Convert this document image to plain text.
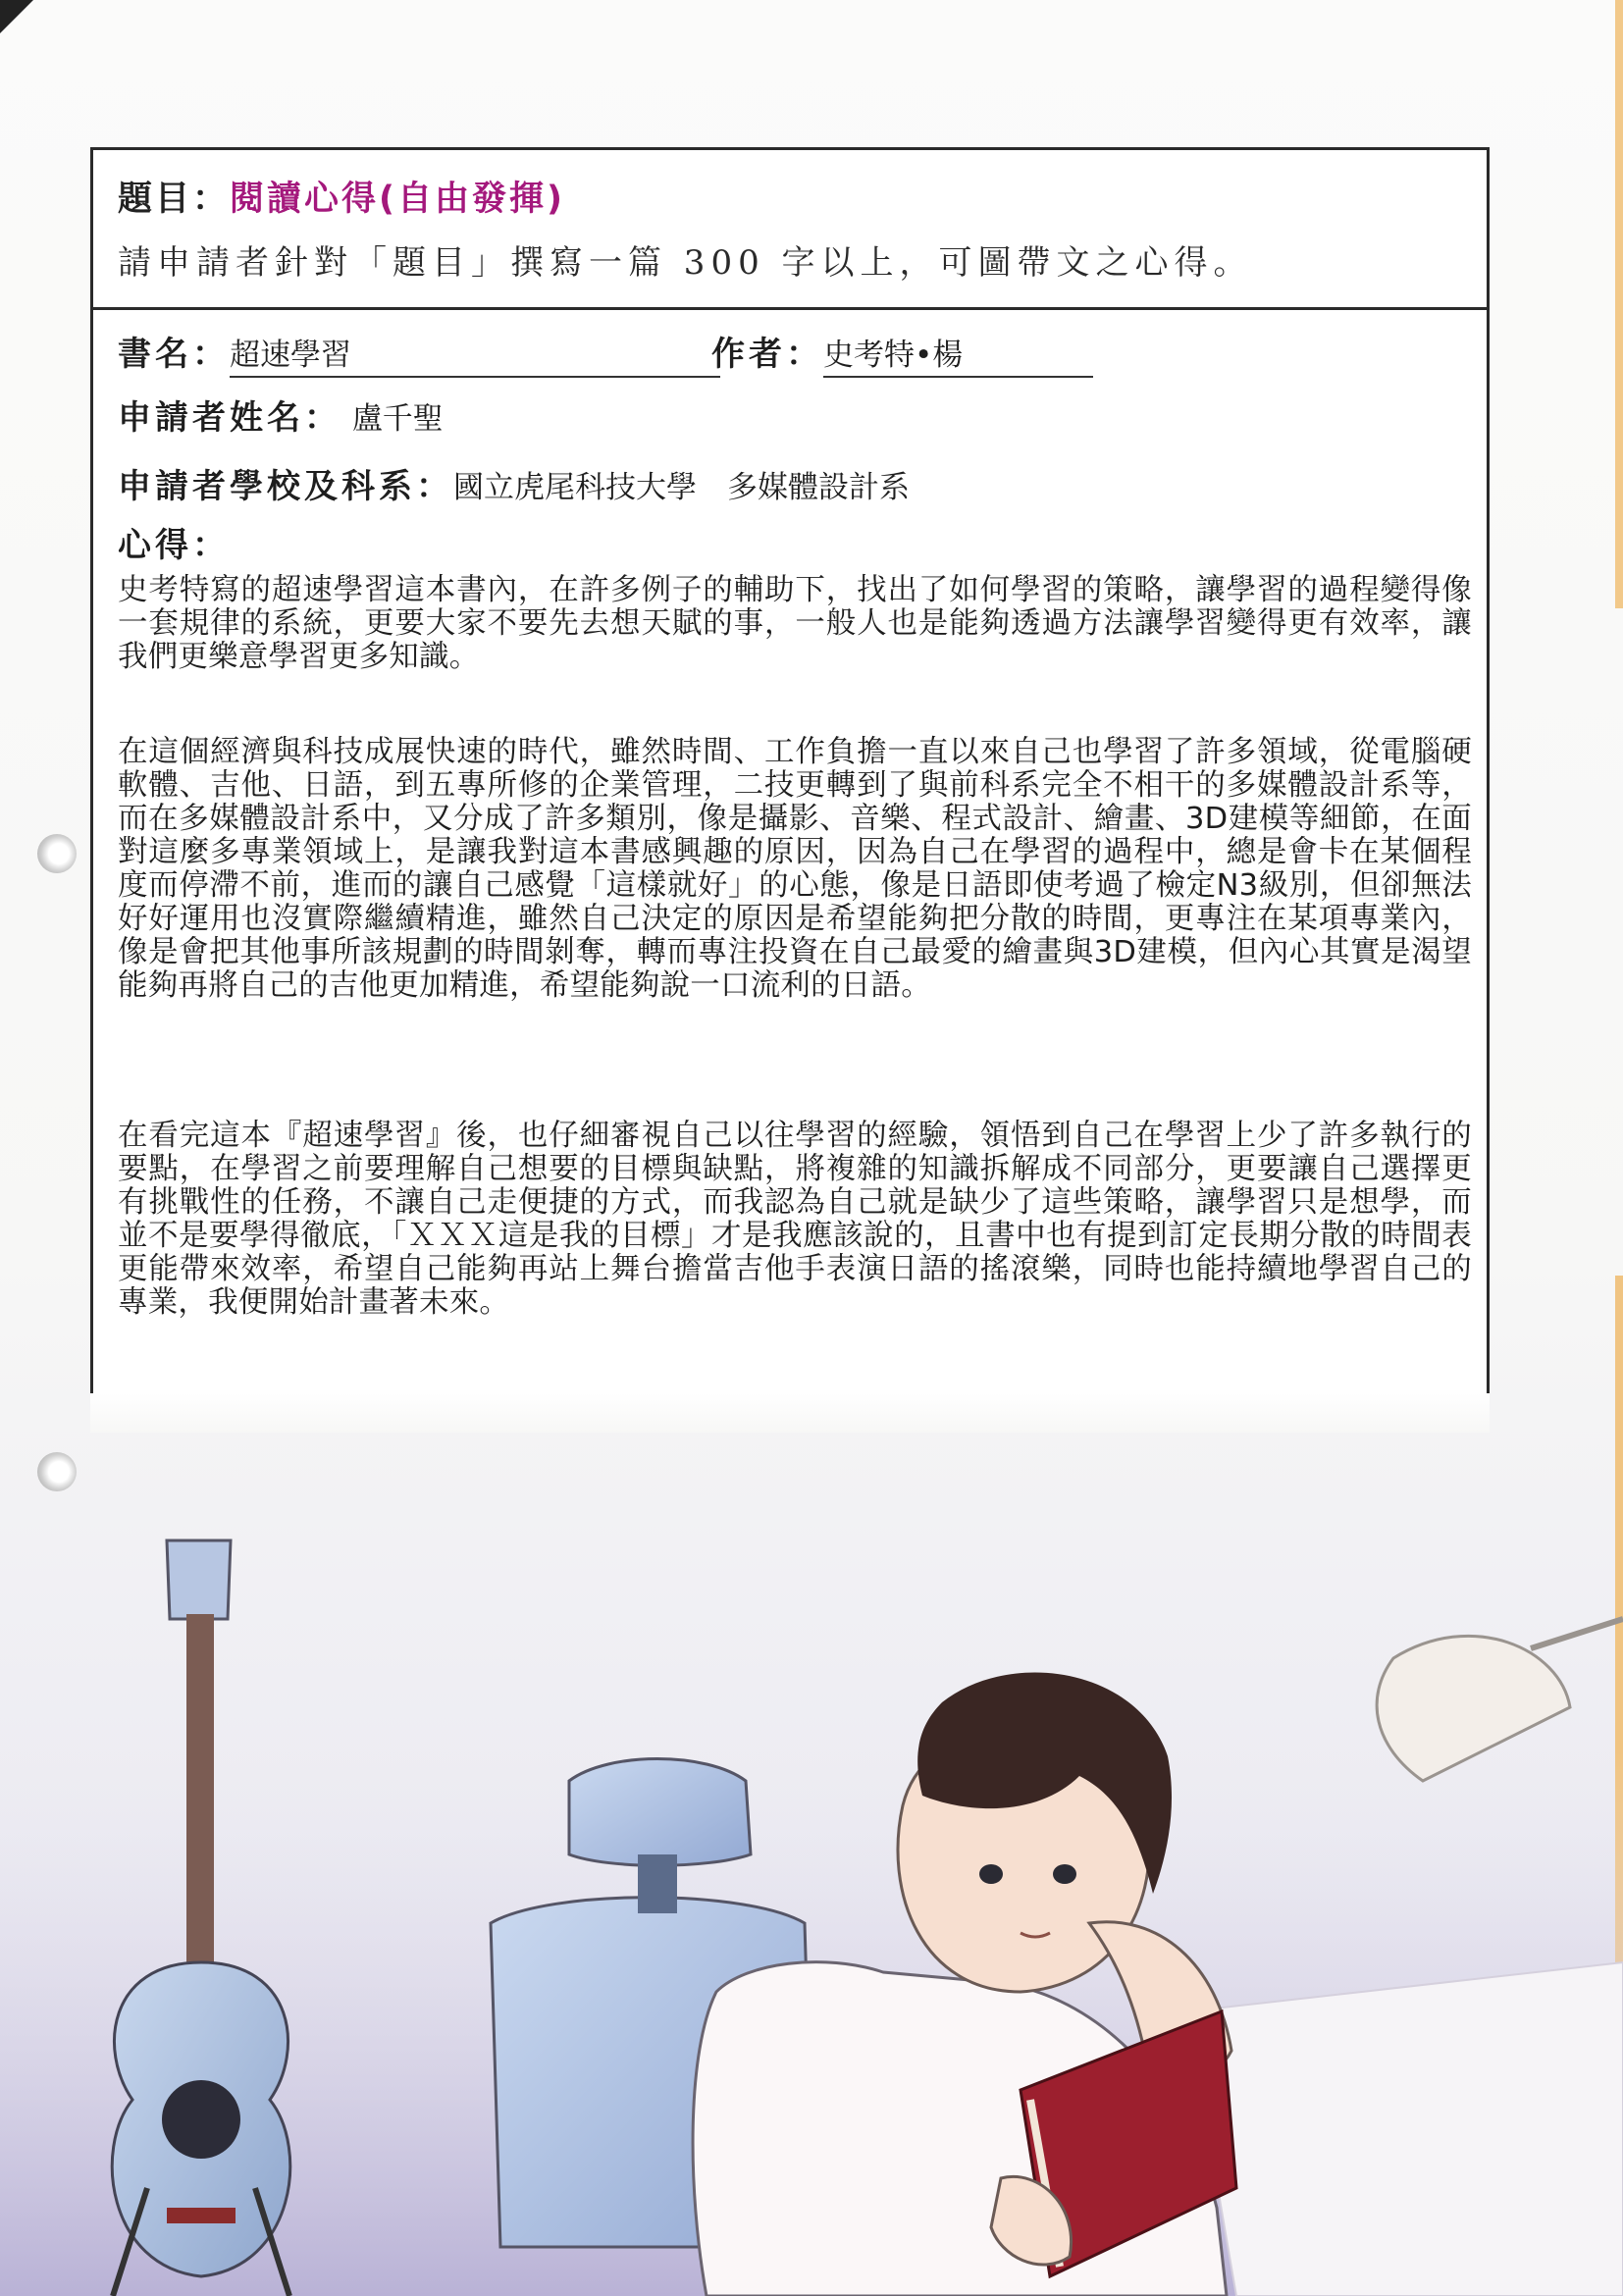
題目：閱讀心得(自由發揮)
請申請者針對「題目」撰寫一篇 300 字以上，可圖帶文之心得。
書名：超速學習	作者：史考特•楊
申請者姓名： 盧千聖
申請者學校及科系：國立虎尾科技大學　多媒體設計系
心得：
史考特寫的超速學習這本書內，在許多例子的輔助下，找出了如何學習的策略，讓學習的過程變得像一套規律的系統，更要大家不要先去想天賦的事，一般人也是能夠透過方法讓學習變得更有效率，讓我們更樂意學習更多知識。
在這個經濟與科技成展快速的時代，雖然時間、工作負擔一直以來自己也學習了許多領域，從電腦硬軟體、吉他、日語，到五專所修的企業管理，二技更轉到了與前科系完全不相干的多媒體設計系等，而在多媒體設計系中，又分成了許多類別，像是攝影、音樂、程式設計、繪畫、3D建模等細節，在面對這麼多專業領域上，是讓我對這本書感興趣的原因，因為自己在學習的過程中，總是會卡在某個程度而停滯不前，進而的讓自己感覺「這樣就好」的心態，像是日語即使考過了檢定N3級別，但卻無法好好運用也沒實際繼續精進，雖然自己決定的原因是希望能夠把分散的時間，更專注在某項專業內，像是會把其他事所該規劃的時間剝奪，轉而專注投資在自己最愛的繪畫與3D建模，但內心其實是渴望能夠再將自己的吉他更加精進，希望能夠說一口流利的日語。
在看完這本『超速學習』後，也仔細審視自己以往學習的經驗，領悟到自己在學習上少了許多執行的要點，在學習之前要理解自己想要的目標與缺點，將複雜的知識拆解成不同部分，更要讓自己選擇更有挑戰性的任務，不讓自己走便捷的方式，而我認為自己就是缺少了這些策略，讓學習只是想學，而並不是要學得徹底，「ＸＸＸ這是我的目標」才是我應該說的，且書中也有提到訂定長期分散的時間表更能帶來效率，希望自己能夠再站上舞台擔當吉他手表演日語的搖滾樂，同時也能持續地學習自己的專業，我便開始計畫著未來。
